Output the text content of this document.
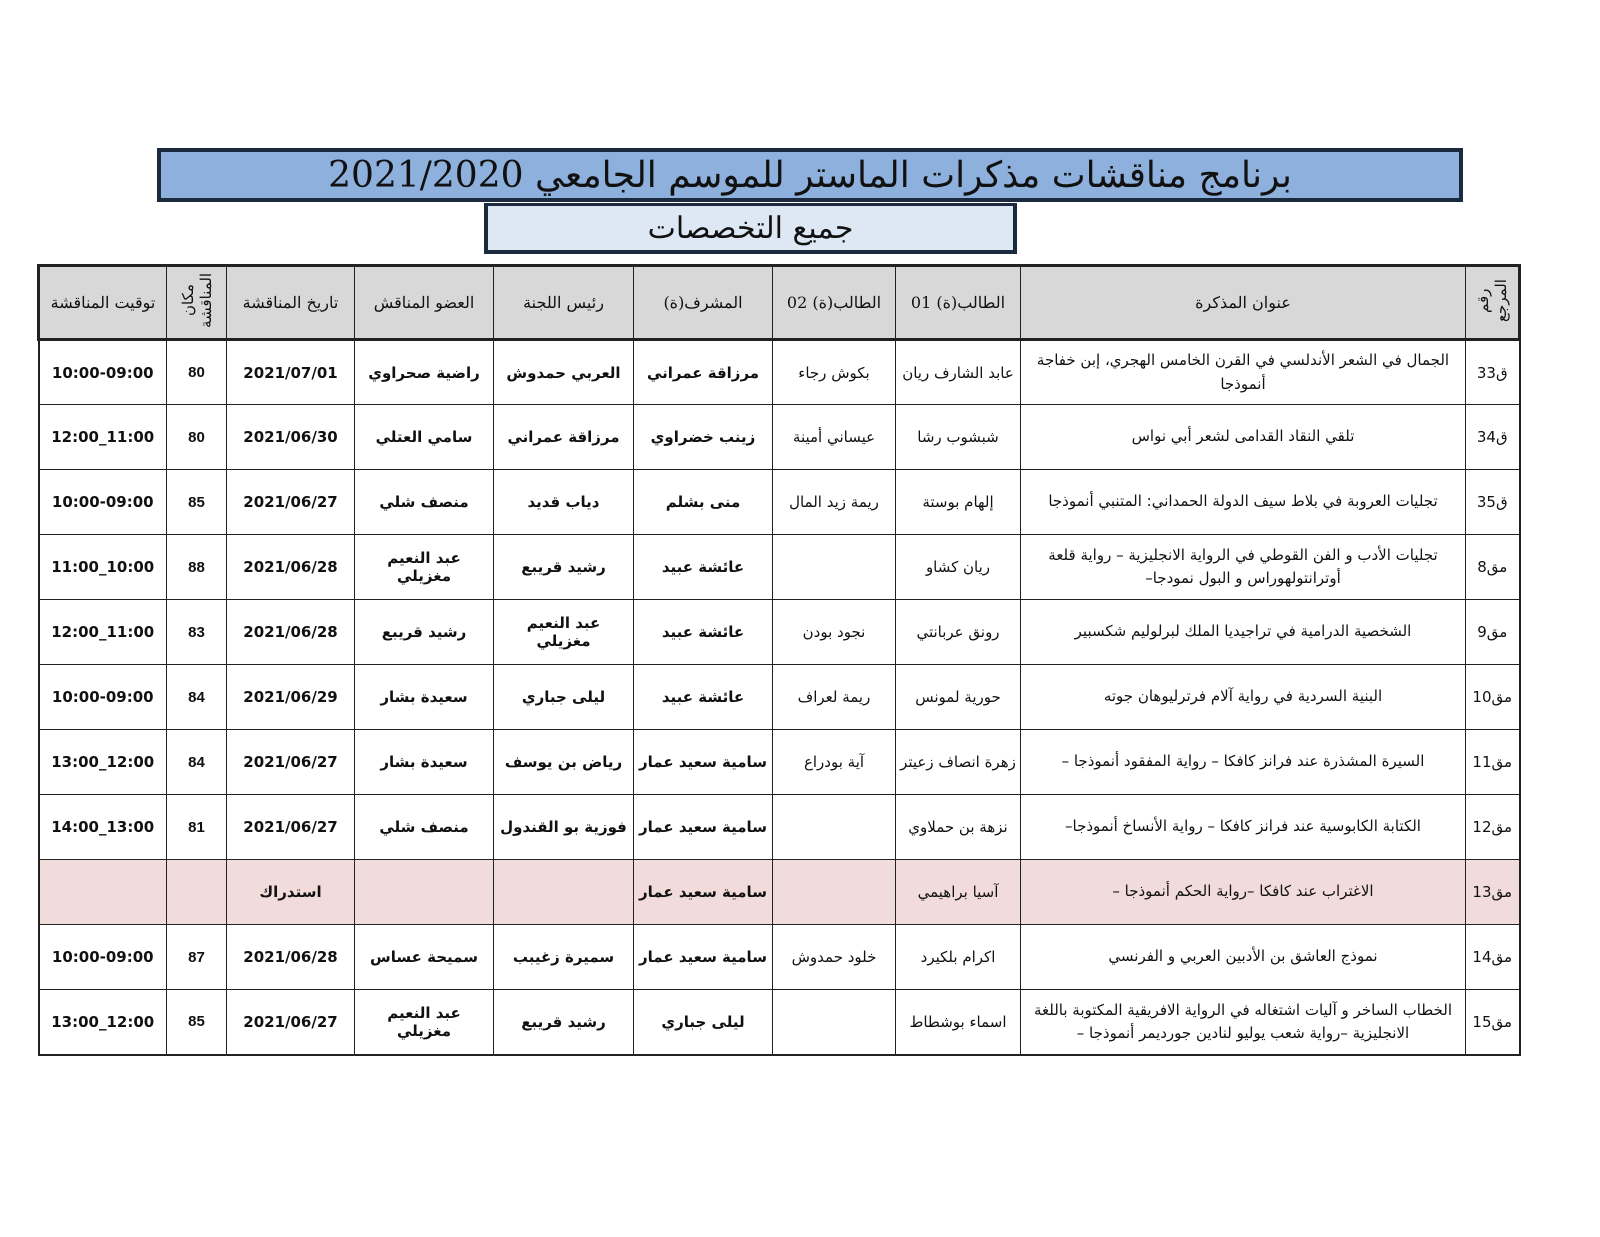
برنامج مناقشات مذكرات الماستر للموسم الجامعي 2021/2020
جميع التخصصات
رقم المرجع	عنوان المذكرة	الطالب(ة) 01	الطالب(ة) 02	المشرف(ة)	رئيس اللجنة	العضو المناقش	تاريخ المناقشة	مكان المناقشة	توقيت المناقشة
ق33	الجمال في الشعر الأندلسي في القرن الخامس الهجري، إبن خفاجة أنموذجا	عابد الشارف ريان	بكوش رجاء	مرزاقة عمراني	العربي حمدوش	راضية صحراوي	2021/07/01	80	10:00-09:00
ق34	تلقي النقاد القدامى لشعر أبي نواس	شبشوب رشا	عيساني أمينة	زينب خضراوي	مرزاقة عمراني	سامي العتلي	2021/06/30	80	12:00_11:00
ق35	تجليات العروبة في بلاط سيف الدولة الحمداني: المتنبي أنموذجا	إلهام بوستة	ريمة زيد المال	منى بشلم	دياب قديد	منصف شلي	2021/06/27	85	10:00-09:00
مق8	تجليات الأدب و الفن القوطي في الرواية الانجليزية – رواية قلعة أوترانتولهوراس و البول نمودجا–	ريان كشاو		عائشة عبيد	رشيد قريبع	عبد النعيم مغزيلي	2021/06/28	88	11:00_10:00
مق9	الشخصية الدرامية في تراجيديا الملك لبرلوليم شكسبير	رونق عربانتي	نجود بودن	عائشة عبيد	عبد النعيم مغزيلي	رشيد قريبع	2021/06/28	83	12:00_11:00
مق10	البنية السردية في رواية آلام فرترليوهان جوته	حورية لمونس	ريمة لعراف	عائشة عبيد	ليلى جباري	سعيدة بشار	2021/06/29	84	10:00-09:00
مق11	السيرة المشذرة عند فرانز كافكا – رواية المفقود أنموذجا –	زهرة انصاف زعيتر	آية بودراع	سامية سعيد عمار	رياض بن يوسف	سعيدة بشار	2021/06/27	84	13:00_12:00
مق12	الكتابة الكابوسية عند فرانز كافكا – رواية الأنساخ أنموذجا–	نزهة بن حملاوي		سامية سعيد عمار	فوزية بو القندول	منصف شلي	2021/06/27	81	14:00_13:00
مق13	الاغتراب عند كافكا –رواية الحكم أنموذجا –	آسيا براهيمي		سامية سعيد عمار			استدراك		
مق14	نموذج العاشق بن الأدبين العربي و الفرنسي	اكرام بلكيرد	خلود حمدوش	سامية سعيد عمار	سميرة زغيبب	سميحة عساس	2021/06/28	87	10:00-09:00
مق15	الخطاب الساخر و آليات اشتغاله في الرواية الافريقية المكتوبة باللغة الانجليزية –رواية شعب يوليو لنادين جورديمر أنموذجا –	اسماء بوشطاط		ليلى جباري	رشيد قريبع	عبد النعيم مغزيلي	2021/06/27	85	13:00_12:00
